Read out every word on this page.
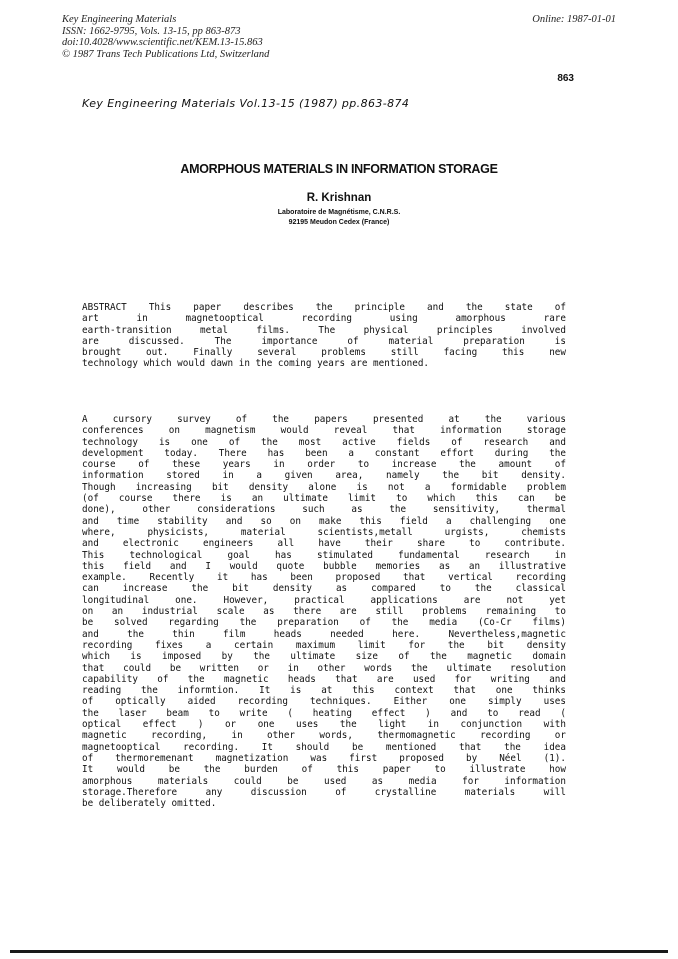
Key Engineering Materials
ISSN: 1662-9795, Vols. 13-15, pp 863-873
doi:10.4028/www.scientific.net/KEM.13-15.863
© 1987 Trans Tech Publications Ltd, Switzerland
Online: 1987-01-01
863
Key Engineering Materials Vol.13-15 (1987) pp.863-874
AMORPHOUS MATERIALS IN INFORMATION STORAGE
R. Krishnan
Laboratoire de Magnétisme, C.N.R.S.
92195 Meudon Cedex (France)
ABSTRACT This paper describes the principle and the state of
art in magnetooptical recording using amorphous rare
earth-transition metal films. The physical principles involved
are discussed. The importance of material preparation is
brought out. Finally several problems still facing this new
technology which would dawn in the coming years are mentioned.
A cursory survey of the papers presented at the various
conferences on magnetism would reveal that information storage
technology is one of the most active fields of research and
development today. There has been a constant effort during the
course of these years in order to increase the amount of
information stored in a given area, namely the bit density.
Though increasing bit density alone is not a formidable problem
(of course there is an ultimate limit to which this can be
done), other considerations such as the sensitivity, thermal
and time stability and so on make this field a challenging one
where, physicists, material scientists,metall urgists, chemists
and electronic engineers all have their share to contribute.
This technological goal has stimulated fundamental research in
this field and I would quote bubble memories as an illustrative
example. Recently it has been proposed that vertical recording
can increase the bit density as compared to the classical
longitudinal one. However, practical applications are not yet
on an industrial scale as there are still problems remaining to
be solved regarding the preparation of the media (Co-Cr films)
and the thin film heads needed here. Nevertheless,magnetic
recording fixes a certain maximum limit for the bit density
which is imposed by the ultimate size of the magnetic domain
that could be written or in other words the ultimate resolution
capability of the magnetic heads that are used for writing and
reading the informtion. It is at this context that one thinks
of optically aided recording techniques. Either one simply uses
the laser beam to write ( heating effect ) and to read (
optical effect ) or one uses the light in conjunction with
magnetic recording, in other words, thermomagnetic recording or
magnetooptical recording. It should be mentioned that the idea
of thermoremenant magnetization was first proposed by Néel (1).
It would be the burden of this paper to illustrate how
amorphous materials could be used as media for information
storage.Therefore any discussion of crystalline materials will
be deliberately omitted.
